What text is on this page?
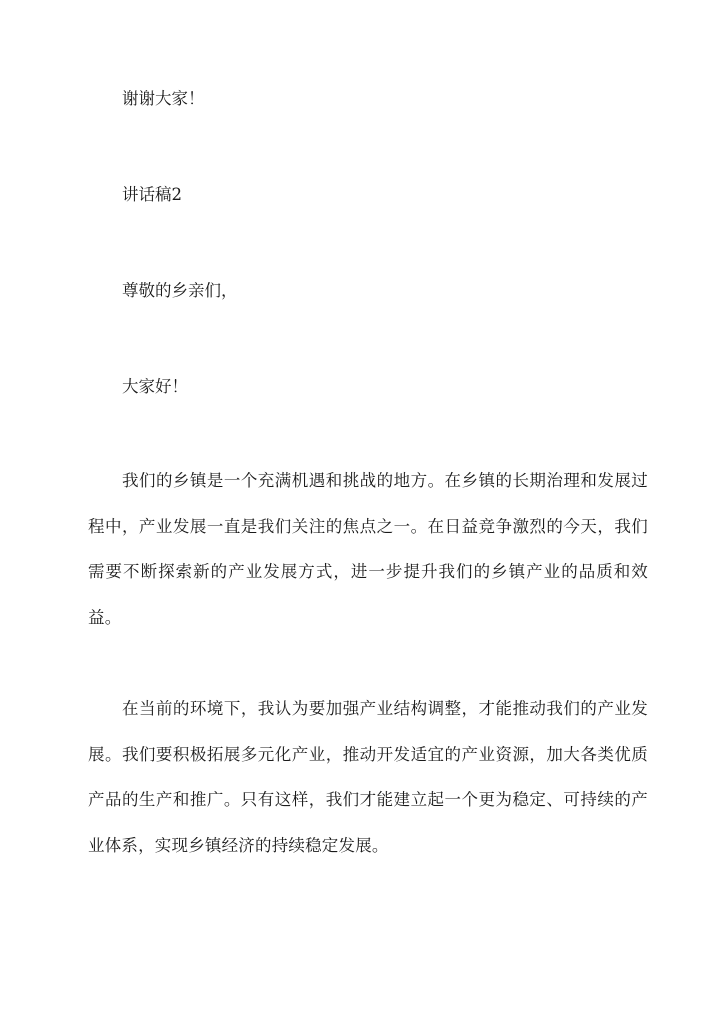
谢谢大家！
讲话稿2
尊敬的乡亲们，
大家好！

我们的乡镇是一个充满机遇和挑战的地方。在乡镇的长期治理和发展过程中，产业发展一直是我们关注的焦点之一。在日益竞争激烈的今天，我们需要不断探索新的产业发展方式，进一步提升我们的乡镇产业的品质和效益。

在当前的环境下，我认为要加强产业结构调整，才能推动我们的产业发展。我们要积极拓展多元化产业，推动开发适宜的产业资源，加大各类优质产品的生产和推广。只有这样，我们才能建立起一个更为稳定、可持续的产业体系，实现乡镇经济的持续稳定发展。
